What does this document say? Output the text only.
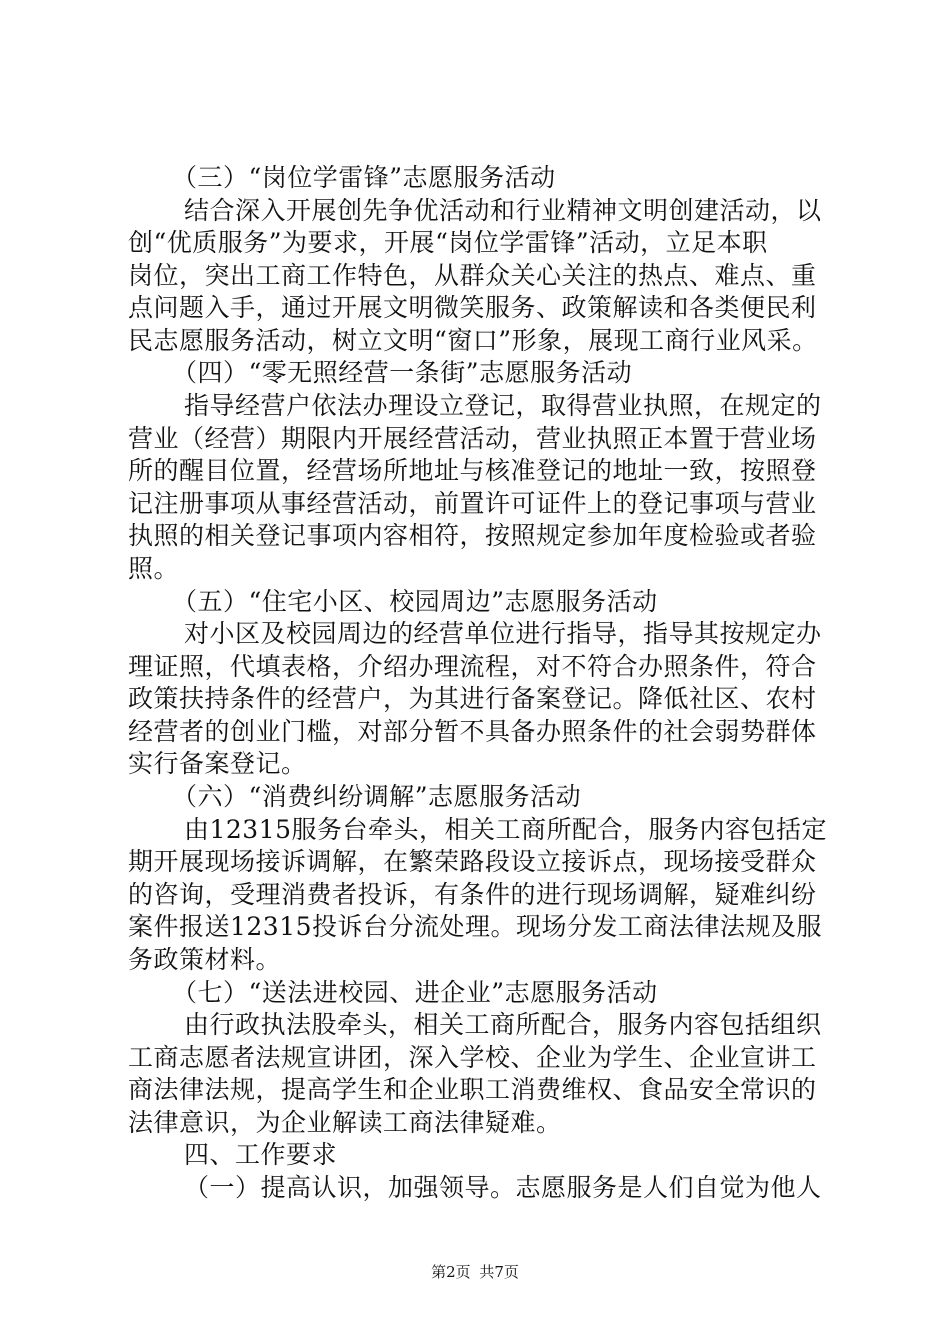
（三）“岗位学雷锋”志愿服务活动
结合深入开展创先争优活动和行业精神文明创建活动，以
创“优质服务”为要求，开展“岗位学雷锋”活动，立足本职
岗位，突出工商工作特色，从群众关心关注的热点、难点、重
点问题入手，通过开展文明微笑服务、政策解读和各类便民利
民志愿服务活动，树立文明“窗口”形象，展现工商行业风采。
（四）“零无照经营一条街”志愿服务活动
指导经营户依法办理设立登记，取得营业执照，在规定的
营业（经营）期限内开展经营活动，营业执照正本置于营业场
所的醒目位置，经营场所地址与核准登记的地址一致，按照登
记注册事项从事经营活动，前置许可证件上的登记事项与营业
执照的相关登记事项内容相符，按照规定参加年度检验或者验
照。
（五）“住宅小区、校园周边”志愿服务活动
对小区及校园周边的经营单位进行指导，指导其按规定办
理证照，代填表格，介绍办理流程，对不符合办照条件，符合
政策扶持条件的经营户，为其进行备案登记。降低社区、农村
经营者的创业门槛，对部分暂不具备办照条件的社会弱势群体
实行备案登记。
（六）“消费纠纷调解”志愿服务活动
由12315服务台牵头，相关工商所配合，服务内容包括定
期开展现场接诉调解，在繁荣路段设立接诉点，现场接受群众
的咨询，受理消费者投诉，有条件的进行现场调解，疑难纠纷
案件报送12315投诉台分流处理。现场分发工商法律法规及服
务政策材料。
（七）“送法进校园、进企业”志愿服务活动
由行政执法股牵头，相关工商所配合，服务内容包括组织
工商志愿者法规宣讲团，深入学校、企业为学生、企业宣讲工
商法律法规，提高学生和企业职工消费维权、食品安全常识的
法律意识，为企业解读工商法律疑难。
四、工作要求
（一）提高认识，加强领导。志愿服务是人们自觉为他人
第2页 共7页
